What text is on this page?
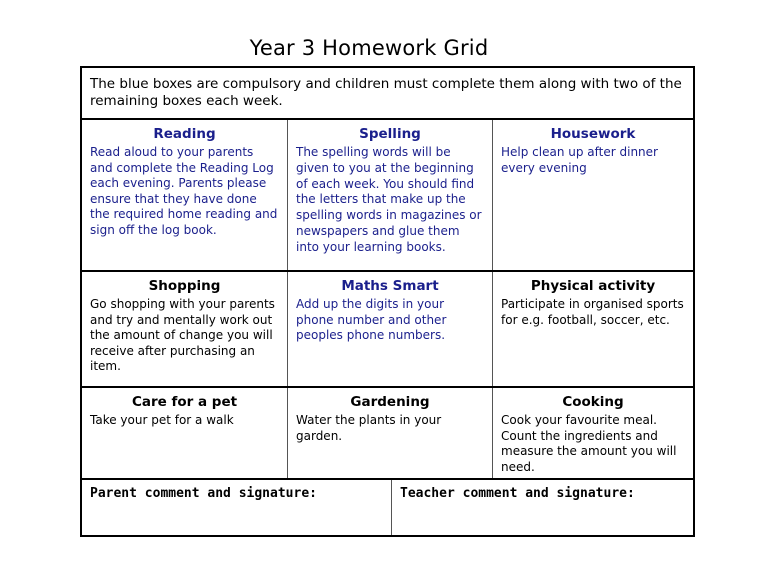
Year 3 Homework Grid
The blue boxes are compulsory and children must complete them along with two of the remaining boxes each week.
Reading
Read aloud to your parents and complete the Reading Log each evening. Parents please ensure that they have done the required home reading and sign off the log book.
Spelling
The spelling words will be given to you at the beginning of each week. You should find the letters that make up the spelling words in magazines or newspapers and glue them into your learning books.
Housework
Help clean up after dinner every evening
Shopping
Go shopping with your parents and try and mentally work out the amount of change you will receive after purchasing an item.
Maths Smart
Add up the digits in your phone number and other peoples phone numbers.
Physical activity
Participate in organised sports for e.g. football, soccer, etc.
Care for a pet
Take your pet for a walk
Gardening
Water the plants in your garden.
Cooking
Cook your favourite meal. Count the ingredients and measure the amount you will need.
Parent comment and signature:	Teacher comment and signature:
